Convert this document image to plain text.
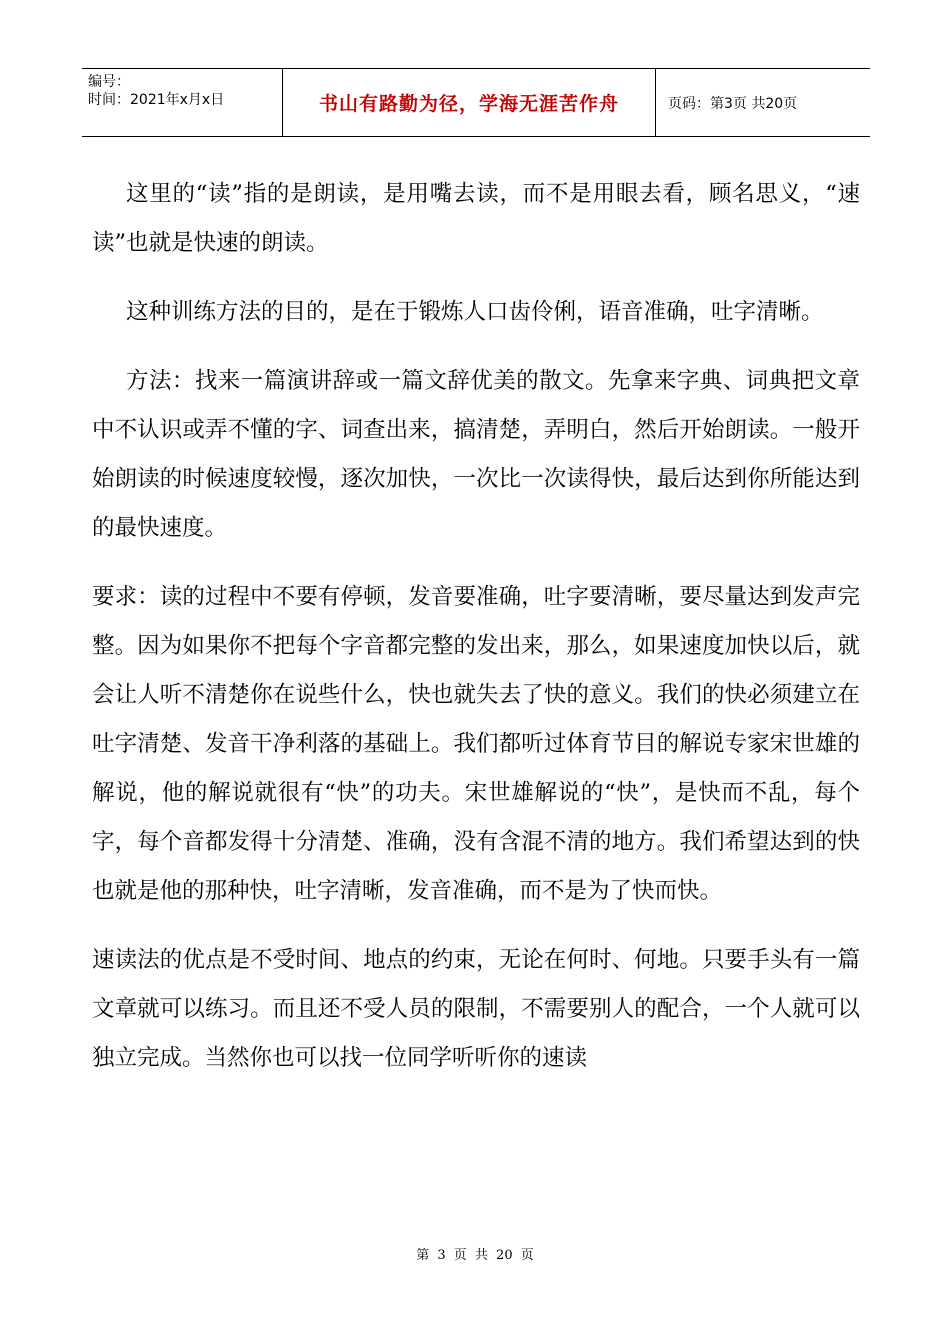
编号：
时间：2021年x月x日	书山有路勤为径，学海无涯苦作舟	页码：第3页 共20页

这里的“读”指的是朗读，是用嘴去读，而不是用眼去看，顾名思义，“速读”也就是快速的朗读。

这种训练方法的目的，是在于锻炼人口齿伶俐，语音准确，吐字清晰。

方法：找来一篇演讲辞或一篇文辞优美的散文。先拿来字典、词典把文章中不认识或弄不懂的字、词查出来，搞清楚，弄明白，然后开始朗读。一般开始朗读的时候速度较慢，逐次加快，一次比一次读得快，最后达到你所能达到的最快速度。

要求：读的过程中不要有停顿，发音要准确，吐字要清晰，要尽量达到发声完整。因为如果你不把每个字音都完整的发出来，那么，如果速度加快以后，就会让人听不清楚你在说些什么，快也就失去了快的意义。我们的快必须建立在吐字清楚、发音干净利落的基础上。我们都听过体育节目的解说专家宋世雄的解说，他的解说就很有“快”的功夫。宋世雄解说的“快”，是快而不乱，每个字，每个音都发得十分清楚、准确，没有含混不清的地方。我们希望达到的快也就是他的那种快，吐字清晰，发音准确，而不是为了快而快。

速读法的优点是不受时间、地点的约束，无论在何时、何地。只要手头有一篇文章就可以练习。而且还不受人员的限制，不需要别人的配合，一个人就可以独立完成。当然你也可以找一位同学听听你的速读

第 3 页 共 20 页
